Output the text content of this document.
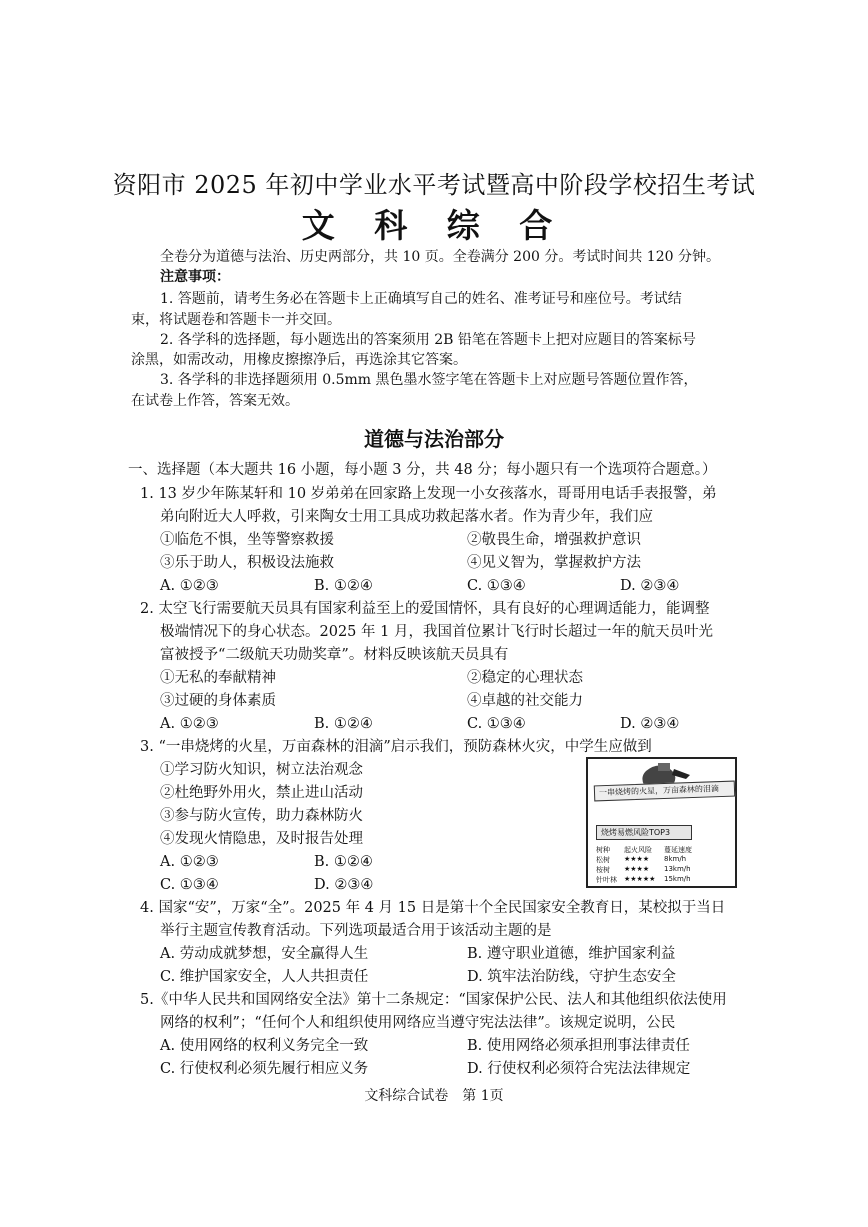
资阳市 2025 年初中学业水平考试暨高中阶段学校招生考试
文 科 综 合
全卷分为道德与法治、历史两部分，共 10 页。全卷满分 200 分。考试时间共 120 分钟。
注意事项：
1. 答题前，请考生务必在答题卡上正确填写自己的姓名、准考证号和座位号。考试结
束，将试题卷和答题卡一并交回。
2. 各学科的选择题，每小题选出的答案须用 2B 铅笔在答题卡上把对应题目的答案标号
涂黑，如需改动，用橡皮擦擦净后，再选涂其它答案。
3. 各学科的非选择题须用 0.5mm 黑色墨水签字笔在答题卡上对应题号答题位置作答，
在试卷上作答，答案无效。
道德与法治部分
一、选择题（本大题共 16 小题，每小题 3 分，共 48 分；每小题只有一个选项符合题意。）
1. 13 岁少年陈某轩和 10 岁弟弟在回家路上发现一小女孩落水，哥哥用电话手表报警，弟
弟向附近大人呼救，引来陶女士用工具成功救起落水者。作为青少年，我们应
①临危不惧，坐等警察救援	②敬畏生命，增强救护意识
③乐于助人，积极设法施救	④见义智为，掌握救护方法
A. ①②③	B. ①②④	C. ①③④	D. ②③④
2. 太空飞行需要航天员具有国家利益至上的爱国情怀，具有良好的心理调适能力，能调整
极端情况下的身心状态。2025 年 1 月，我国首位累计飞行时长超过一年的航天员叶光
富被授予“二级航天功勋奖章”。材料反映该航天员具有
①无私的奉献精神	②稳定的心理状态
③过硬的身体素质	④卓越的社交能力
A. ①②③	B. ①②④	C. ①③④	D. ②③④
3. “一串烧烤的火星，万亩森林的泪滴”启示我们，预防森林火灾，中学生应做到
①学习防火知识，树立法治观念
②杜绝野外用火，禁止进山活动
③参与防火宣传，助力森林防火
④发现火情隐患，及时报告处理
A. ①②③	B. ①②④
C. ①③④	D. ②③④
一串烧烤的火星，万亩森林的泪滴
烧烤易燃风险TOP3
树种 起火风险 蔓延速度
松树 ★★★★ 8km/h
桉树 ★★★★ 13km/h
针叶林 ★★★★★ 15km/h
4. 国家“安”，万家“全”。2025 年 4 月 15 日是第十个全民国家安全教育日，某校拟于当日
举行主题宣传教育活动。下列选项最适合用于该活动主题的是
A. 劳动成就梦想，安全赢得人生	B. 遵守职业道德，维护国家利益
C. 维护国家安全，人人共担责任	D. 筑牢法治防线，守护生态安全
5.《中华人民共和国网络安全法》第十二条规定：“国家保护公民、法人和其他组织依法使用
网络的权利”；“任何个人和组织使用网络应当遵守宪法法律”。该规定说明，公民
A. 使用网络的权利义务完全一致	B. 使用网络必须承担刑事法律责任
C. 行使权利必须先履行相应义务	D. 行使权利必须符合宪法法律规定
文科综合试卷　第 1页
